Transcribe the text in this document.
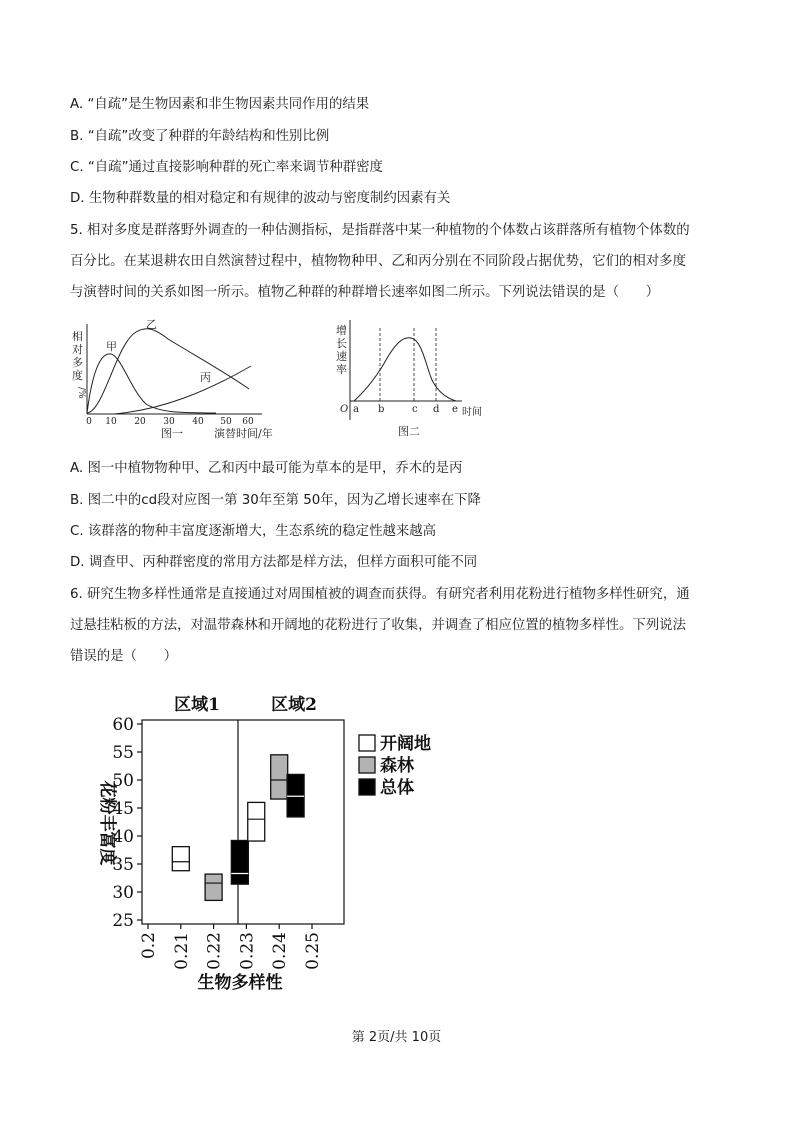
A. “自疏”是生物因素和非生物因素共同作用的结果
B. “自疏”改变了种群的年龄结构和性别比例
C. “自疏”通过直接影响种群的死亡率来调节种群密度
D. 生物种群数量的相对稳定和有规律的波动与密度制约因素有关
5. 相对多度是群落野外调查的一种估测指标，是指群落中某一种植物的个体数占该群落所有植物个体数的
百分比。在某退耕农田自然演替过程中，植物物种甲、乙和丙分别在不同阶段占据优势，它们的相对多度
与演替时间的关系如图一所示。植物乙种群的种群增长速率如图二所示。下列说法错误的是（　　）
相
对
多
度
/%
甲
乙
丙
0 10 20 30 40 50 60
图一	演替时间/年
增
长
速
率
O a b	c d e 时间
图二
A. 图一中植物物种甲、乙和丙中最可能为草本的是甲，乔木的是丙
B. 图二中的cd段对应图一第 30年至第 50年，因为乙增长速率在下降
C. 该群落的物种丰富度逐渐增大，生态系统的稳定性越来越高
D. 调查甲、丙种群密度的常用方法都是样方法，但样方面积可能不同
6. 研究生物多样性通常是直接通过对周围植被的调查而获得。有研究者利用花粉进行植物多样性研究，通
过悬挂粘板的方法，对温带森林和开阔地的花粉进行了收集，并调查了相应位置的植物多样性。下列说法
错误的是（　　）
区域1	区域2
25
30
35
40
45
50
55
60
0.2 0.21 0.22 0.23 0.24 0.25
开阔地
森林
总体
花粉丰富度
生物多样性
第 2页/共 10页
